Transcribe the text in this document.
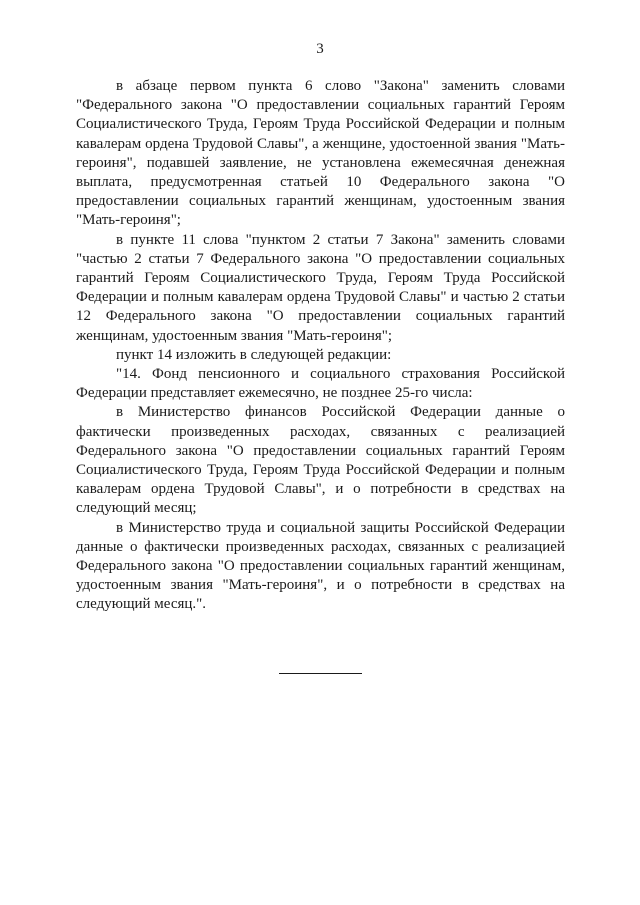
3

в абзаце первом пункта 6 слово "Закона" заменить словами "Федерального закона "О предоставлении социальных гарантий Героям Социалистического Труда, Героям Труда Российской Федерации и полным кавалерам ордена Трудовой Славы", а женщине, удостоенной звания "Мать-героиня", подавшей заявление, не установлена ежемесячная денежная выплата, предусмотренная статьей 10 Федерального закона "О предоставлении социальных гарантий женщинам, удостоенным звания "Мать-героиня";

в пункте 11 слова "пунктом 2 статьи 7 Закона" заменить словами "частью 2 статьи 7 Федерального закона "О предоставлении социальных гарантий Героям Социалистического Труда, Героям Труда Российской Федерации и полным кавалерам ордена Трудовой Славы" и частью 2 статьи 12 Федерального закона "О предоставлении социальных гарантий женщинам, удостоенным звания "Мать-героиня";

пункт 14 изложить в следующей редакции:

"14. Фонд пенсионного и социального страхования Российской Федерации представляет ежемесячно, не позднее 25-го числа:

в Министерство финансов Российской Федерации данные о фактически произведенных расходах, связанных с реализацией Федерального закона "О предоставлении социальных гарантий Героям Социалистического Труда, Героям Труда Российской Федерации и полным кавалерам ордена Трудовой Славы", и о потребности в средствах на следующий месяц;

в Министерство труда и социальной защиты Российской Федерации данные о фактически произведенных расходах, связанных с реализацией Федерального закона "О предоставлении социальных гарантий женщинам, удостоенным звания "Мать-героиня", и о потребности в средствах на следующий месяц.".
